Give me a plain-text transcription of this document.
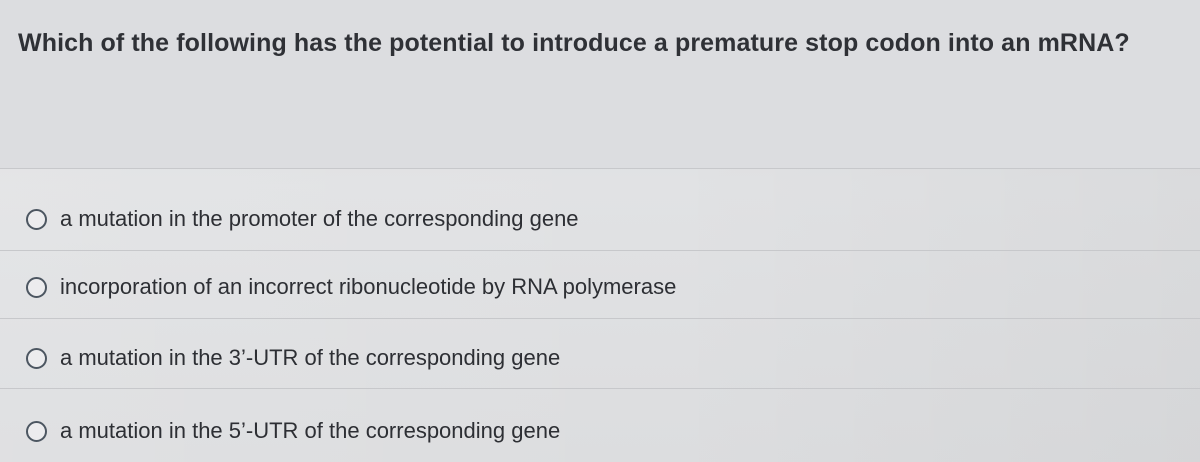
Which of the following has the potential to introduce a premature stop codon into an mRNA?
a mutation in the promoter of the corresponding gene
incorporation of an incorrect ribonucleotide by RNA polymerase
a mutation in the 3’-UTR of the corresponding gene
a mutation in the 5’-UTR of the corresponding gene
